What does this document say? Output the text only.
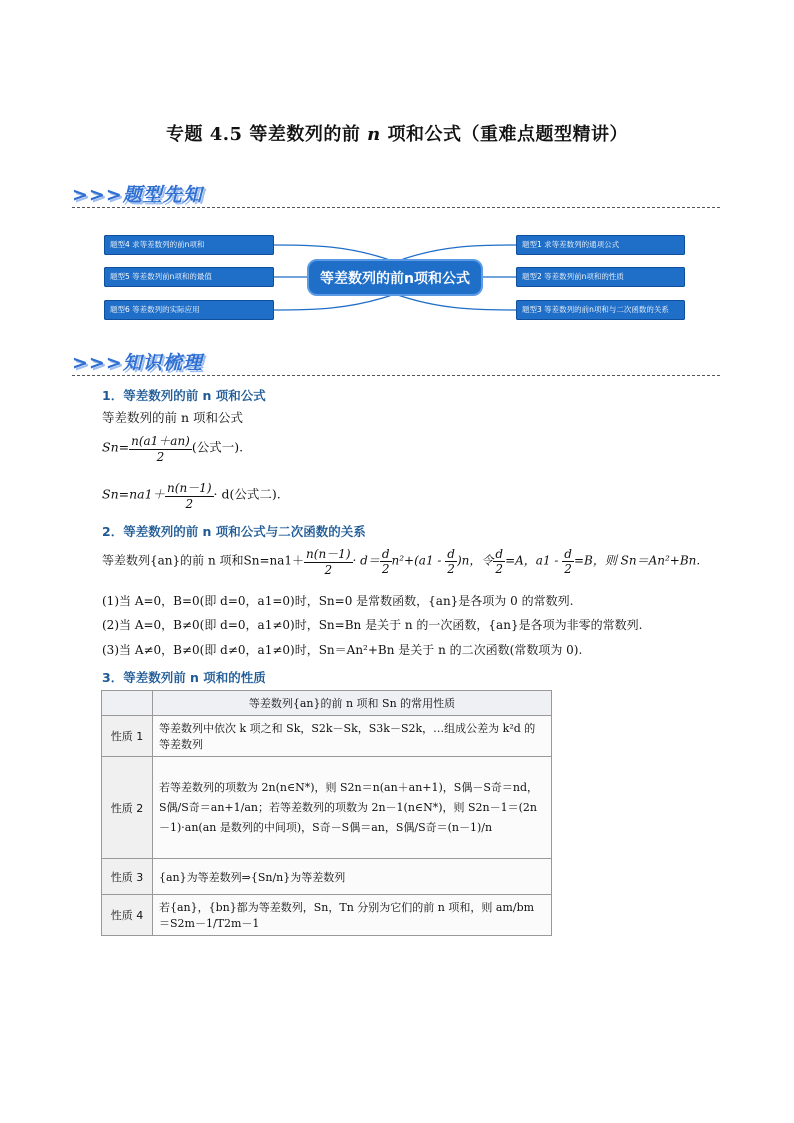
专题 4.5 等差数列的前 n 项和公式（重难点题型精讲）
>>>题型先知
题型4 求等差数列的前n项和
题型5 等差数列前n项和的最值
题型6 等差数列的实际应用
题型1 求等差数列的通项公式
题型2 等差数列前n项和的性质
题型3 等差数列的前n项和与二次函数的关系
等差数列的前n项和公式
>>>知识梳理
1．等差数列的前 n 项和公式
等差数列的前 n 项和公式
$Sn= \frac{n(a1+an)}{2}$ (公式一).
$Sn=na1+ \frac{n(n-1)}{2} \cdot d$(公式二).
2．等差数列的前 n 项和公式与二次函数的关系
等差数列{an}的前 n 项和$Sn=na1+ \frac{n(n-1)}{2} \cdot d= \frac{d}{2} n^2+(a1 - \frac{d}{2} )n$，令 $\frac{d}{2} =A$，$a1 - \frac{d}{2} =B$，则 Sn＝An²+Bn.
(1)当 A=0，B=0(即 d=0，a1=0)时，Sn=0 是常数函数，{an}是各项为 0 的常数列.
(2)当 A=0，B≠0(即 d=0，a1≠0)时，Sn=Bn 是关于 n 的一次函数，{an}是各项为非零的常数列.
(3)当 A≠0，B≠0(即 d≠0，a1≠0)时，Sn＝An²+Bn 是关于 n 的二次函数(常数项为 0).
3．等差数列前 n 项和的性质
	等差数列{an}的前 n 项和 Sn 的常用性质
性质 1	等差数列中依次 k 项之和 Sk，S2k－Sk，S3k－S2k，…组成公差为 k²d 的等差数列
性质 2	若等差数列的项数为 2n(n∈N*)，则 S2n＝n(an＋an+1)，S偶－S奇＝nd，S偶/S奇＝an+1/an；若等差数列的项数为 2n－1(n∈N*)，则 S2n－1＝(2n－1)·an(an 是数列的中间项)，S奇－S偶＝an，S偶/S奇＝(n－1)/n
性质 3	{an}为等差数列⇒{Sn/n}为等差数列
性质 4	若{an}，{bn}都为等差数列，Sn，Tn 分别为它们的前 n 项和，则 am/bm＝S2m－1/T2m－1
